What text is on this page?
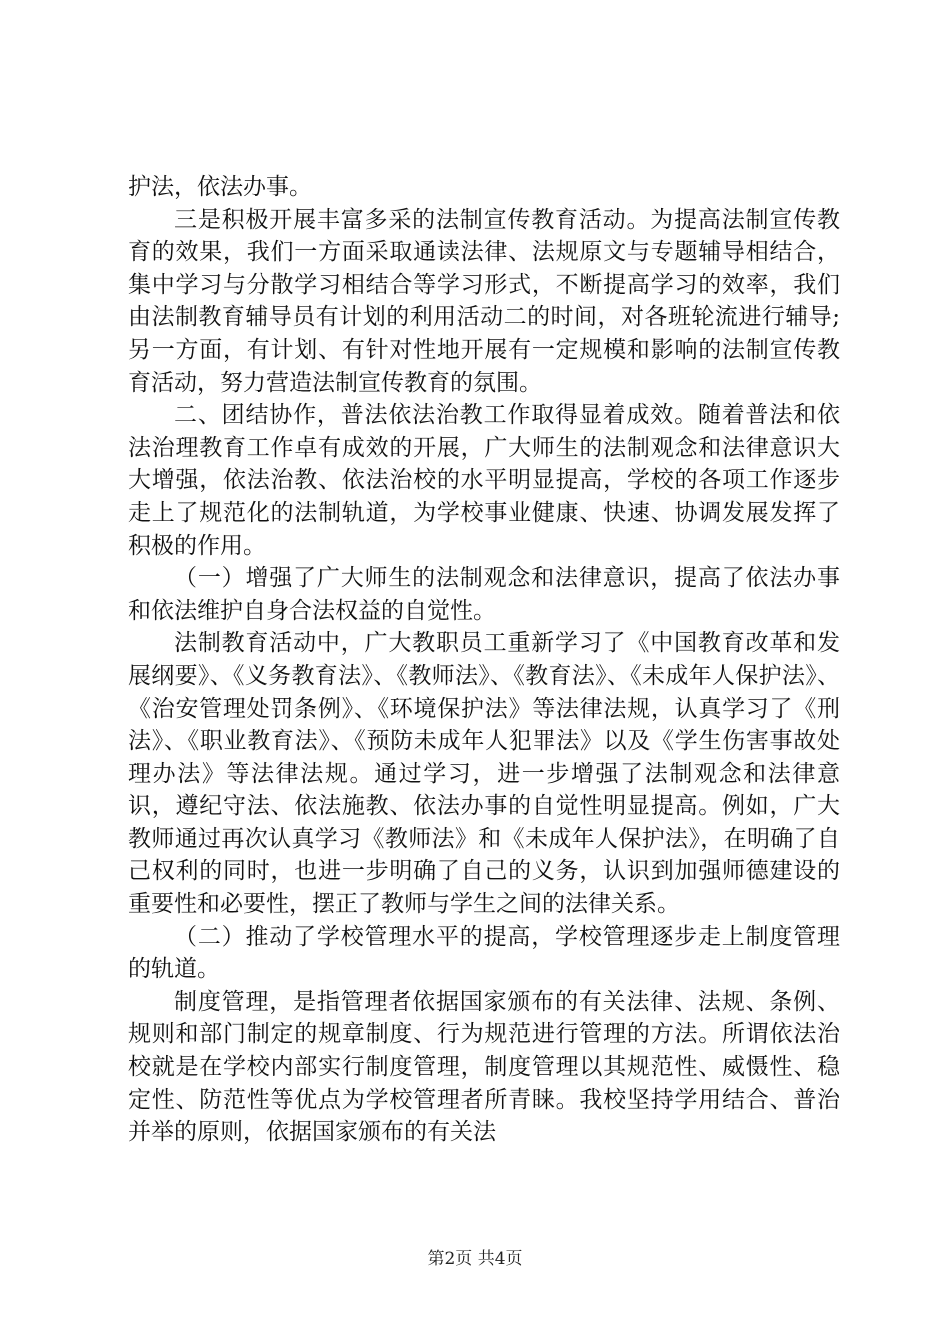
护法，依法办事。

三是积极开展丰富多采的法制宣传教育活动。为提高法制宣传教育的效果，我们一方面采取通读法律、法规原文与专题辅导相结合，集中学习与分散学习相结合等学习形式，不断提高学习的效率，我们由法制教育辅导员有计划的利用活动二的时间，对各班轮流进行辅导;另一方面，有计划、有针对性地开展有一定规模和影响的法制宣传教育活动，努力营造法制宣传教育的氛围。

二、团结协作，普法依法治教工作取得显着成效。随着普法和依法治理教育工作卓有成效的开展，广大师生的法制观念和法律意识大大增强，依法治教、依法治校的水平明显提高，学校的各项工作逐步走上了规范化的法制轨道，为学校事业健康、快速、协调发展发挥了积极的作用。

（一）增强了广大师生的法制观念和法律意识，提高了依法办事和依法维护自身合法权益的自觉性。

法制教育活动中，广大教职员工重新学习了《中国教育改革和发展纲要》、《义务教育法》、《教师法》、《教育法》、《未成年人保护法》、《治安管理处罚条例》、《环境保护法》等法律法规，认真学习了《刑法》、《职业教育法》、《预防未成年人犯罪法》以及《学生伤害事故处理办法》等法律法规。通过学习，进一步增强了法制观念和法律意识，遵纪守法、依法施教、依法办事的自觉性明显提高。例如，广大教师通过再次认真学习《教师法》和《未成年人保护法》，在明确了自己权利的同时，也进一步明确了自己的义务，认识到加强师德建设的重要性和必要性，摆正了教师与学生之间的法律关系。

（二）推动了学校管理水平的提高，学校管理逐步走上制度管理的轨道。

制度管理，是指管理者依据国家颁布的有关法律、法规、条例、规则和部门制定的规章制度、行为规范进行管理的方法。所谓依法治校就是在学校内部实行制度管理，制度管理以其规范性、威慑性、稳定性、防范性等优点为学校管理者所青睐。我校坚持学用结合、普治并举的原则，依据国家颁布的有关法

第2页 共4页
